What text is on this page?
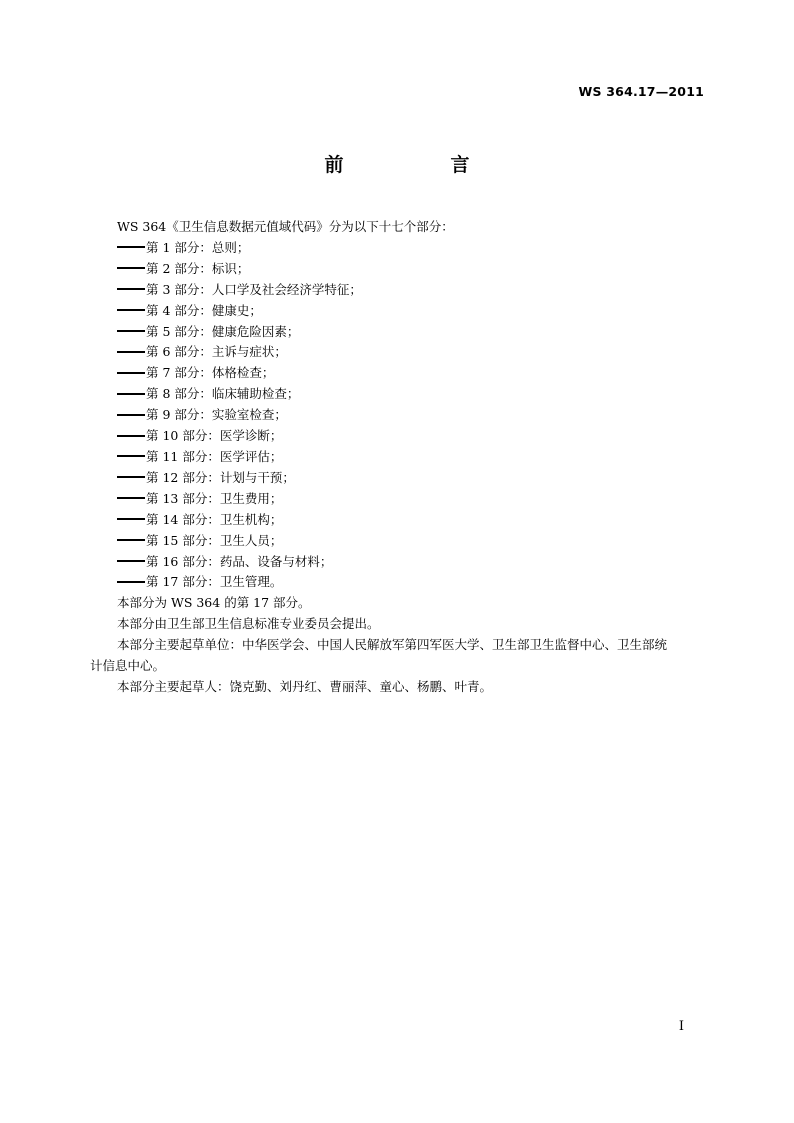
WS 364.17—2011
前　言

WS 364《卫生信息数据元值域代码》分为以下十七个部分：

第 1 部分：总则；

第 2 部分：标识；

第 3 部分：人口学及社会经济学特征；

第 4 部分：健康史；

第 5 部分：健康危险因素；

第 6 部分：主诉与症状；

第 7 部分：体格检查；

第 8 部分：临床辅助检查；

第 9 部分：实验室检查；

第 10 部分：医学诊断；

第 11 部分：医学评估；

第 12 部分：计划与干预；

第 13 部分：卫生费用；

第 14 部分：卫生机构；

第 15 部分：卫生人员；

第 16 部分：药品、设备与材料；

第 17 部分：卫生管理。

本部分为 WS 364 的第 17 部分。

本部分由卫生部卫生信息标准专业委员会提出。

本部分主要起草单位：中华医学会、中国人民解放军第四军医大学、卫生部卫生监督中心、卫生部统
计信息中心。

本部分主要起草人：饶克勤、刘丹红、曹丽萍、童心、杨鹏、叶青。

I
